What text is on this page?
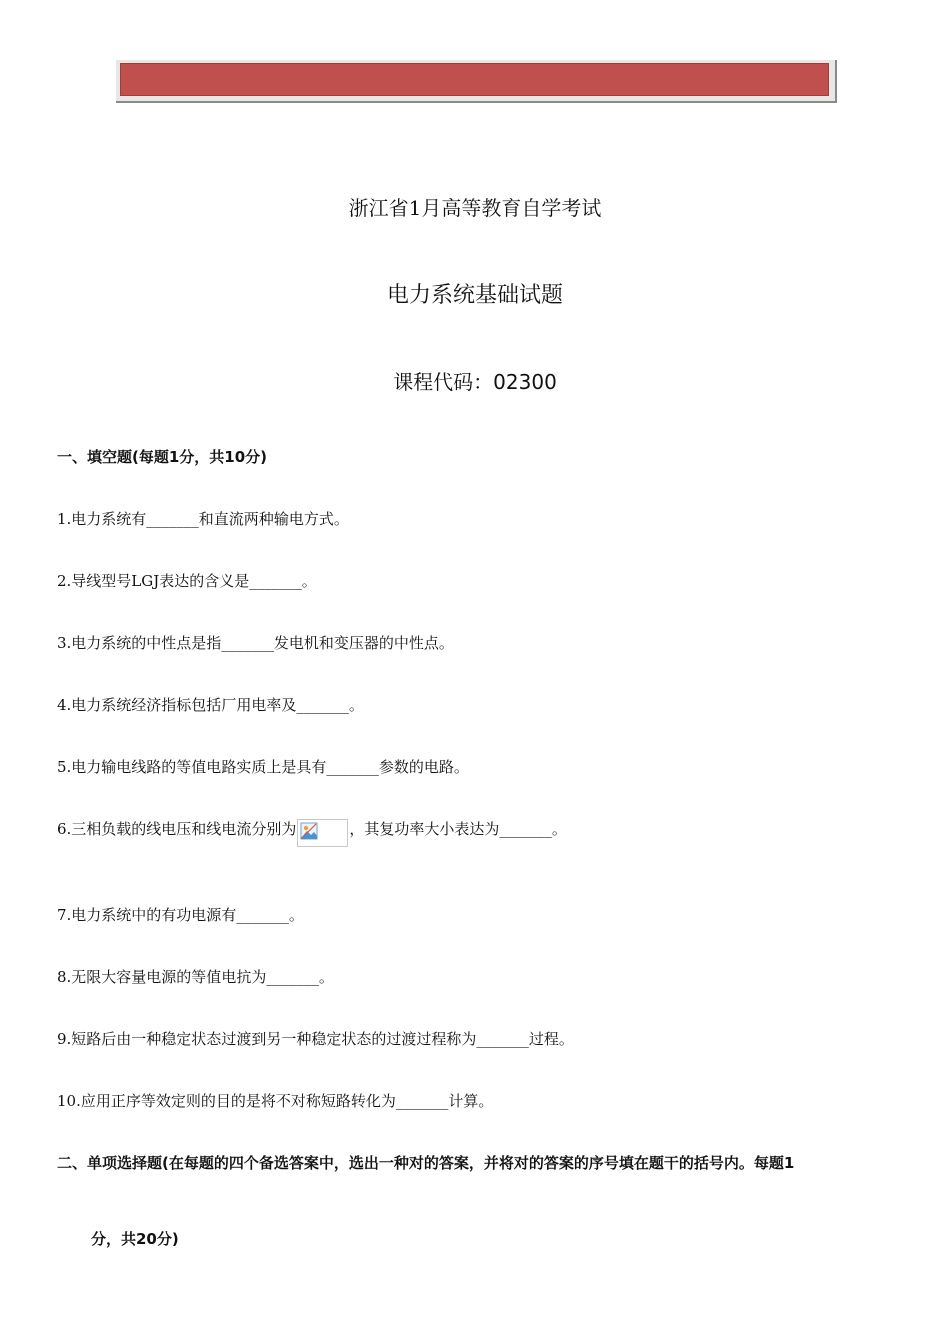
浙江省1月高等教育自学考试
电力系统基础试题
课程代码：02300
一、填空题(每题1分，共10分)
1.电力系统有_______和直流两种输电方式。
2.导线型号LGJ表达的含义是_______。
3.电力系统的中性点是指_______发电机和变压器的中性点。
4.电力系统经济指标包括厂用电率及_______。
5.电力输电线路的等值电路实质上是具有_______参数的电路。
6.三相负载的线电压和线电流分别为	，其复功率大小表达为_______。
7.电力系统中的有功电源有_______。
8.无限大容量电源的等值电抗为_______。
9.短路后由一种稳定状态过渡到另一种稳定状态的过渡过程称为_______过程。
10.应用正序等效定则的目的是将不对称短路转化为_______计算。
二、单项选择题(在每题的四个备选答案中，选出一种对的答案，并将对的答案的序号填在题干的括号内。每题1
分，共20分)
